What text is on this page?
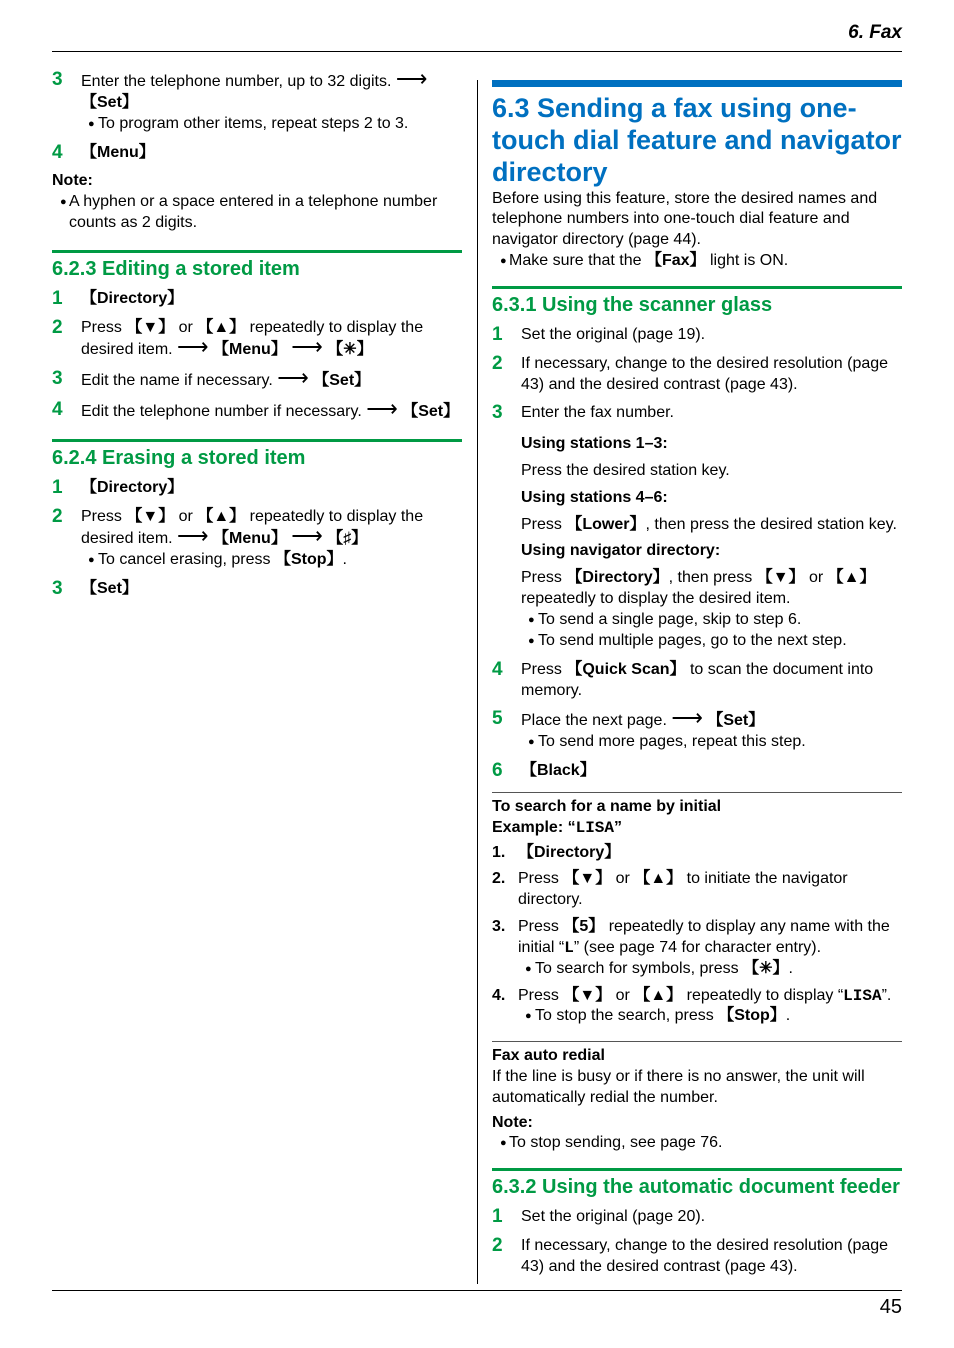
6. Fax
3	Enter the telephone number, up to 32 digits. ⟶
【Set】
● To program other items, repeat steps 2 to 3.
4	【Menu】
Note:
● A hyphen or a space entered in a telephone number counts as 2 digits.
6.2.3 Editing a stored item
1	【Directory】
2	Press 【▼】 or 【▲】 repeatedly to display the desired item. ⟶ 【Menu】 ⟶ 【✳】
3	Edit the name if necessary. ⟶ 【Set】
4	Edit the telephone number if necessary. ⟶ 【Set】
6.2.4 Erasing a stored item
1	【Directory】
2	Press 【▼】 or 【▲】 repeatedly to display the desired item. ⟶ 【Menu】 ⟶ 【♯】
● To cancel erasing, press 【Stop】.
3	【Set】
6.3 Sending a fax using one-touch dial feature and navigator directory
Before using this feature, store the desired names and telephone numbers into one-touch dial feature and navigator directory (page 44).
● Make sure that the 【Fax】 light is ON.
6.3.1 Using the scanner glass
1	Set the original (page 19).
2	If necessary, change to the desired resolution (page 43) and the desired contrast (page 43).
3	Enter the fax number.
Using stations 1–3:
Press the desired station key.
Using stations 4–6:
Press 【Lower】, then press the desired station key.
Using navigator directory:
Press 【Directory】, then press 【▼】 or 【▲】 repeatedly to display the desired item.
● To send a single page, skip to step 6.
● To send multiple pages, go to the next step.
4	Press 【Quick Scan】 to scan the document into memory.
5	Place the next page. ⟶ 【Set】
● To send more pages, repeat this step.
6	【Black】
To search for a name by initial
Example: “LISA”
1. 【Directory】
2. Press 【▼】 or 【▲】 to initiate the navigator directory.
3. Press 【5】 repeatedly to display any name with the initial “L” (see page 74 for character entry).
● To search for symbols, press 【✳】.
4. Press 【▼】 or 【▲】 repeatedly to display “LISA”.
● To stop the search, press 【Stop】.
Fax auto redial
If the line is busy or if there is no answer, the unit will automatically redial the number.
Note:
● To stop sending, see page 76.
6.3.2 Using the automatic document feeder
1	Set the original (page 20).
2	If necessary, change to the desired resolution (page 43) and the desired contrast (page 43).
45
